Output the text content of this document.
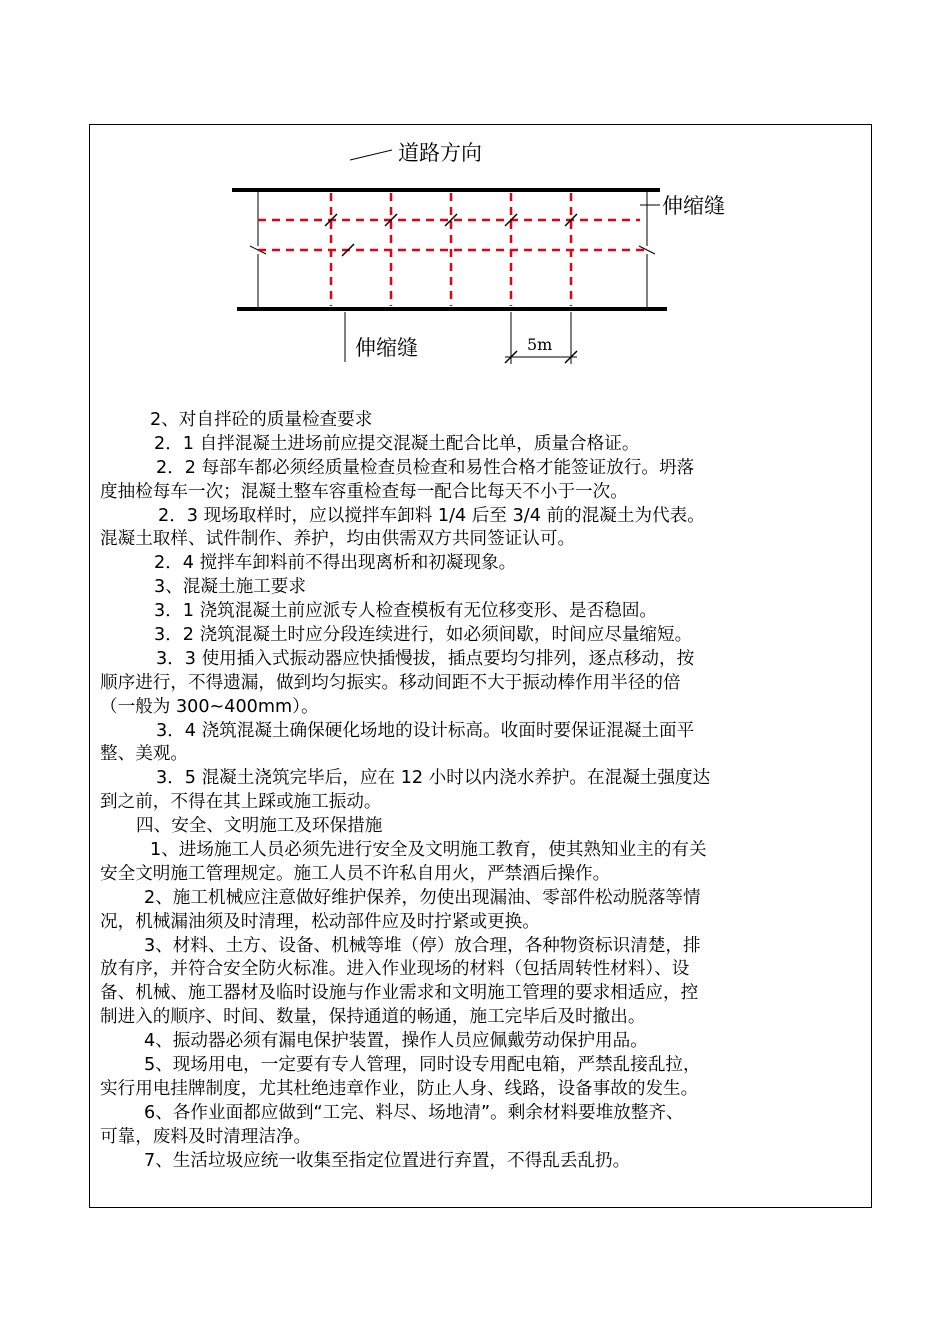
道路方向
伸缩缝
伸缩缝	5m
2、对自拌砼的质量检查要求
2．1 自拌混凝土进场前应提交混凝土配合比单，质量合格证。
2．2 每部车都必须经质量检查员检查和易性合格才能签证放行。坍落
度抽检每车一次；混凝土整车容重检查每一配合比每天不小于一次。
2．3 现场取样时，应以搅拌车卸料 1/4 后至 3/4 前的混凝土为代表。
混凝土取样、试件制作、养护，均由供需双方共同签证认可。
2．4 搅拌车卸料前不得出现离析和初凝现象。
3、混凝土施工要求
3．1 浇筑混凝土前应派专人检查模板有无位移变形、是否稳固。
3．2 浇筑混凝土时应分段连续进行，如必须间歇，时间应尽量缩短。
3．3 使用插入式振动器应快插慢拔，插点要均匀排列，逐点移动，按
顺序进行，不得遗漏，做到均匀振实。移动间距不大于振动棒作用半径的倍
（一般为 300~400mm）。
3．4 浇筑混凝土确保硬化场地的设计标高。收面时要保证混凝土面平
整、美观。
3．5 混凝土浇筑完毕后，应在 12 小时以内浇水养护。在混凝土强度达
到之前，不得在其上踩或施工振动。
四、安全、文明施工及环保措施
1、进场施工人员必须先进行安全及文明施工教育，使其熟知业主的有关
安全文明施工管理规定。施工人员不许私自用火，严禁酒后操作。
2、施工机械应注意做好维护保养，勿使出现漏油、零部件松动脱落等情
况，机械漏油须及时清理，松动部件应及时拧紧或更换。
3、材料、土方、设备、机械等堆（停）放合理，各种物资标识清楚，排
放有序，并符合安全防火标准。进入作业现场的材料（包括周转性材料）、设
备、机械、施工器材及临时设施与作业需求和文明施工管理的要求相适应，控
制进入的顺序、时间、数量，保持通道的畅通，施工完毕后及时撤出。
4、振动器必须有漏电保护装置，操作人员应佩戴劳动保护用品。
5、现场用电，一定要有专人管理，同时设专用配电箱，严禁乱接乱拉，
实行用电挂牌制度，尤其杜绝违章作业，防止人身、线路，设备事故的发生。
6、各作业面都应做到“工完、料尽、场地清”。剩余材料要堆放整齐、
可靠，废料及时清理洁净。
7、生活垃圾应统一收集至指定位置进行弃置，不得乱丢乱扔。
